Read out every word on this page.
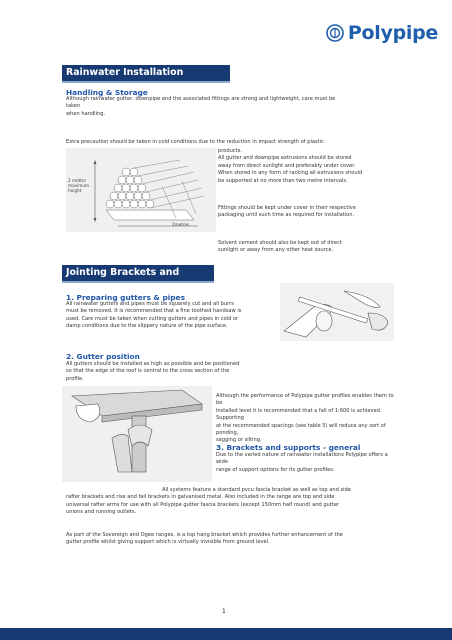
Polypipe
Rainwater Installation
Handling & Storage
Although rainwater gutter, downpipe and the associated fittings are strong and lightweight, care must be
taken
when handling.
Extra precaution should be taken in cold conditions due to the reduction in impact strength of plastic
2 metter
maximum
height
2metres
products.
All gutter and downpipe extrusions should be stored
away from direct sunlight and preferably under cover.
When stored in any form of racking all extrusions should
be supported at no more than two metre intervals.
Fittings should be kept under cover in their respective
packaging until such time as required for installation.
Solvent cement should also be kept out of direct
sunlight or away from any other heat source.
Jointing Brackets and Supports
1. Preparing gutters & pipes
All rainwater gutters and pipes must be squarely cut and all burrs
must be removed. It is recommended that a fine toothed handsaw is
used. Care must be taken when cutting gutters and pipes in cold or
damp conditions due to the slippery nature of the pipe surface.
2. Gutter position
All gutters should be installed as high as possible and be positioned
so that the edge of the roof is central to the cross section of the
profile.
Although the performance of Polypipe gutter profiles enables them to be
installed level it is recommended that a fall of 1:600 is achieved. Supporting
at the recommended spacings (see table 5) will reduce any sort of ponding,
sagging or silting.
3. Brackets and supports - general
Due to the varied nature of rainwater installations Polypipe offers a wide
range of support options for its gutter profiles.
All systems feature a standard pvcu fascia bracket as well as top and side
rafter brackets and rise and fall brackets in galvanised metal. Also included in the range are top and side
universal rafter arms for use with all Polypipe gutter fascia brackets (except 150mm half round) and gutter
unions and running outlets.
As part of the Sovereign and Ogee ranges, is a top hang bracket which provides further enhancement of the
gutter profile whilst giving support which is virtually invisible from ground level.
1
